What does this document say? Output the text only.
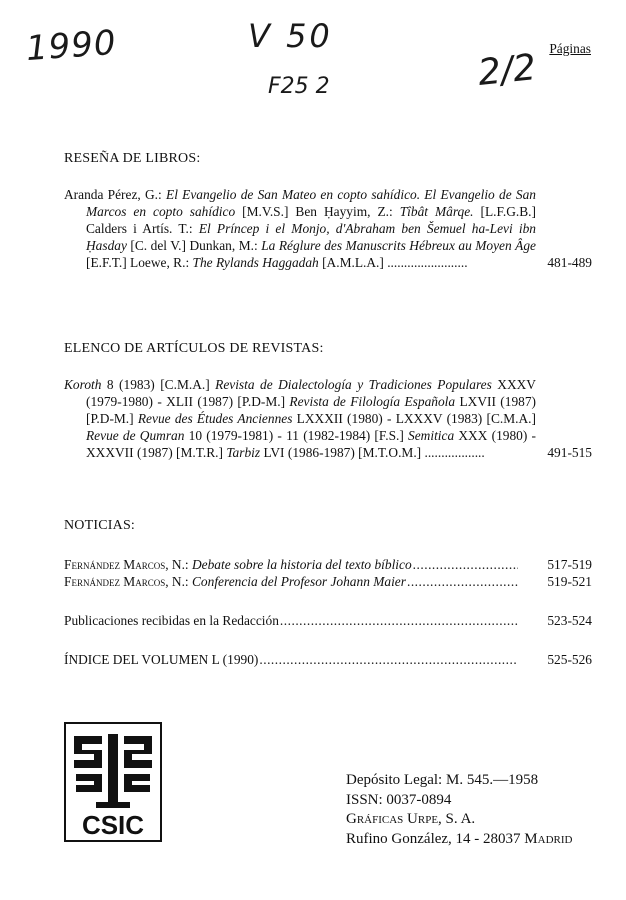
1990	V 50
F25 2	2/2 Páginas
RESEÑA DE LIBROS:
Aranda Pérez, G.: El Evangelio de San Mateo en copto sahídico. El Evangelio de San Marcos en copto sahídico [M.V.S.] Ben Ḥayyim, Z.: Tîbât Mârqe. [L.F.G.B.] Calders i Artís. T.: El Príncep i el Monjo, d'Abraham ben Šemuel ha-Levi ibn Ḥasday [C. del V.] Dunkan, M.: La Réglure des Manuscrits Hébreux au Moyen Âge [E.F.T.] Loewe, R.: The Rylands Haggadah [A.M.L.A.] ........................	481-489
ELENCO DE ARTÍCULOS DE REVISTAS:
Koroth 8 (1983) [C.M.A.] Revista de Dialectología y Tradiciones Populares XXXV (1979-1980) - XLII (1987) [P.D-M.] Revista de Filología Española LXVII (1987) [P.D-M.] Revue des Études Anciennes LXXXII (1980) - LXXXV (1983) [C.M.A.] Revue de Qumran 10 (1979-1981) - 11 (1982-1984) [F.S.] Semitica XXX (1980) - XXXVII (1987) [M.T.R.] Tarbiz LVI (1986-1987) [M.T.O.M.] ..................	491-515
NOTICIAS:
Fernández Marcos, N.: Debate sobre la historia del texto bíblico .....	517-519
Fernández Marcos, N.: Conferencia del Profesor Johann Maier .....	519-521
Publicaciones recibidas en la Redacción .....	523-524
ÍNDICE DEL VOLUMEN L (1990) .....	525-526
CSIC
Depósito Legal: M. 545.—1958
ISSN: 0037-0894
Gráficas Urpe, S. A.
Rufino González, 14 - 28037 Madrid
